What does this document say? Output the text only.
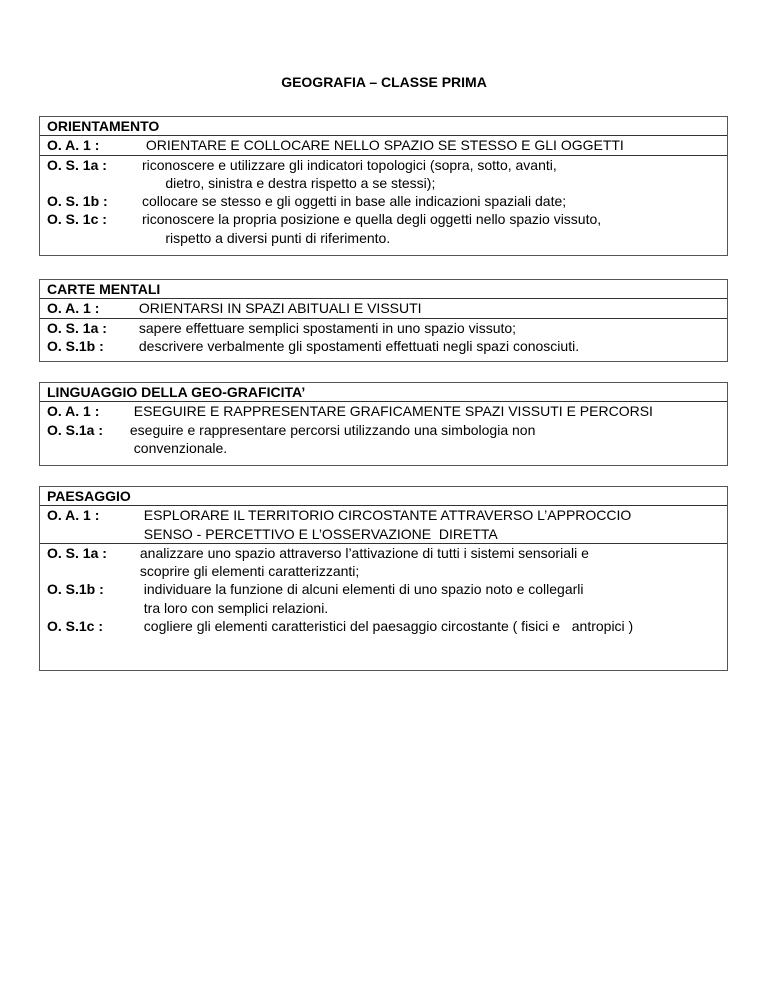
GEOGRAFIA – CLASSE PRIMA
ORIENTAMENTO
O. A. 1 :	ORIENTARE E COLLOCARE NELLO SPAZIO SE STESSO E GLI OGGETTI
O. S. 1a :	riconoscere e utilizzare gli indicatori topologici (sopra, sotto, avanti,
dietro, sinistra e destra rispetto a se stessi);
O. S. 1b :	collocare se stesso e gli oggetti in base alle indicazioni spaziali date;
O. S. 1c :	riconoscere la propria posizione e quella degli oggetti nello spazio vissuto,
rispetto a diversi punti di riferimento.
CARTE MENTALI
O. A. 1 :	ORIENTARSI IN SPAZI ABITUALI E VISSUTI
O. S. 1a :	sapere effettuare semplici spostamenti in uno spazio vissuto;
O. S.1b :	descrivere verbalmente gli spostamenti effettuati negli spazi conosciuti.
LINGUAGGIO DELLA GEO-GRAFICITA’
O. A. 1 :	ESEGUIRE E RAPPRESENTARE GRAFICAMENTE SPAZI VISSUTI E PERCORSI
O. S.1a :	eseguire e rappresentare percorsi utilizzando una simbologia non
convenzionale.
PAESAGGIO
O. A. 1 :	ESPLORARE IL TERRITORIO CIRCOSTANTE ATTRAVERSO L’APPROCCIO
SENSO - PERCETTIVO E L’OSSERVAZIONE  DIRETTA
O. S. 1a :	analizzare uno spazio attraverso l’attivazione di tutti i sistemi sensoriali e
scoprire gli elementi caratterizzanti;
O. S.1b :	individuare la funzione di alcuni elementi di uno spazio noto e collegarli
tra loro con semplici relazioni.
O. S.1c :	cogliere gli elementi caratteristici del paesaggio circostante ( fisici e   antropici )
